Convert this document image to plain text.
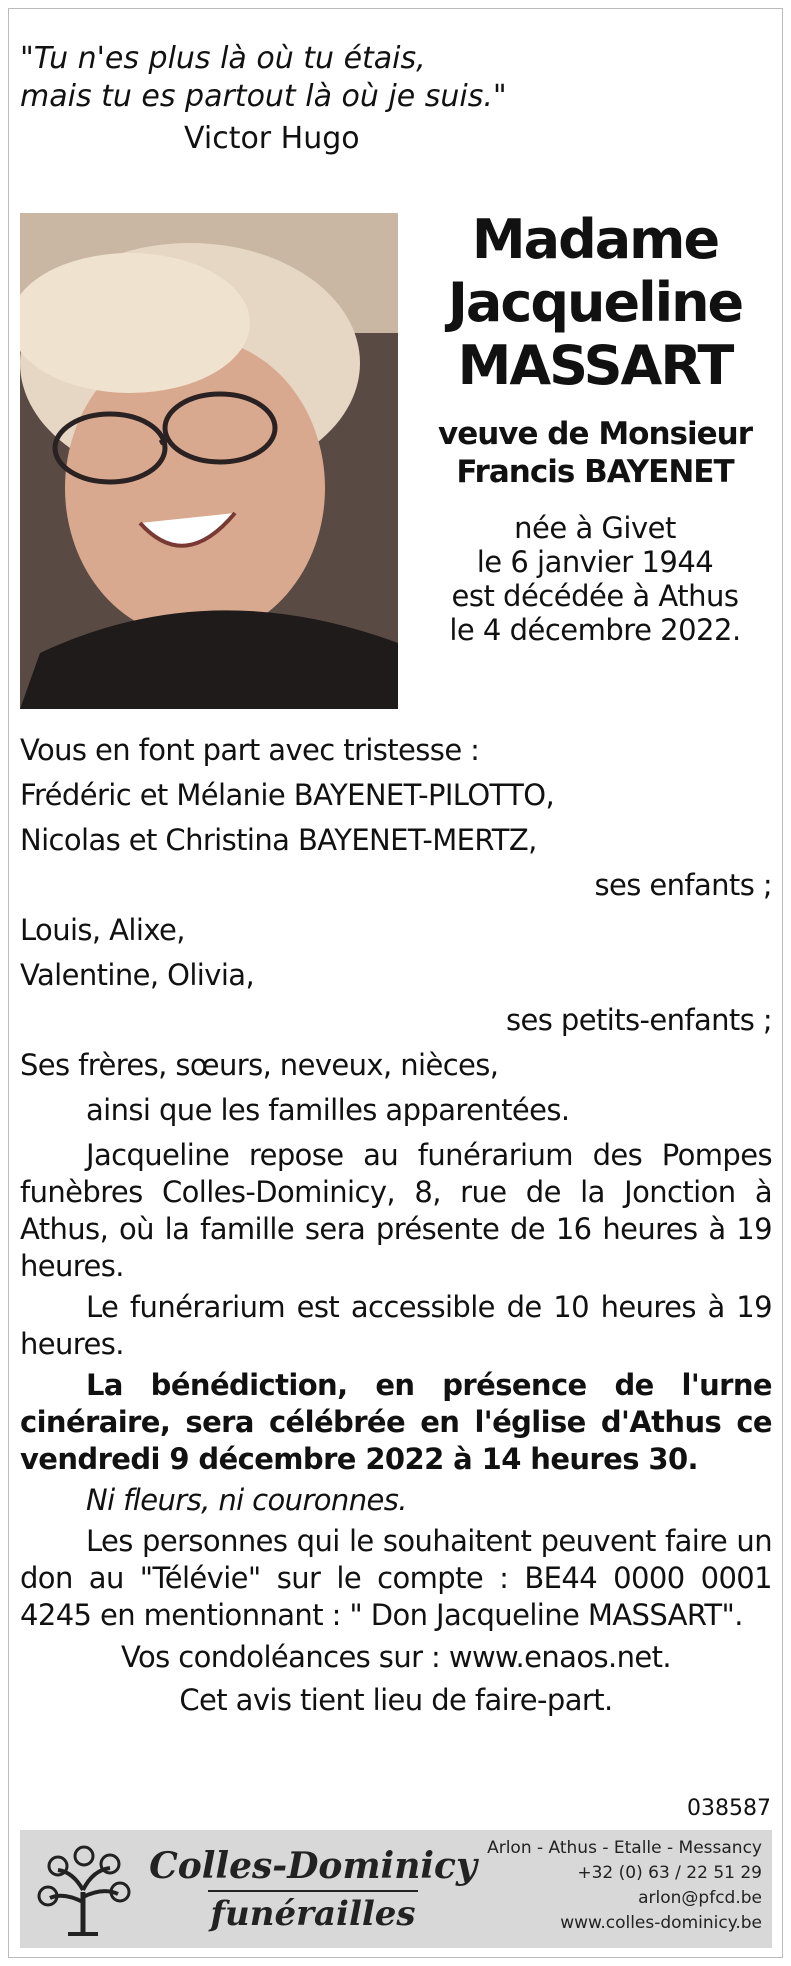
"Tu n'es plus là où tu étais,
mais tu es partout là où je suis."
Victor Hugo
Madame
Jacqueline
MASSART
veuve de Monsieur
Francis BAYENET
née à Givet
le 6 janvier 1944
est décédée à Athus
le 4 décembre 2022.
Vous en font part avec tristesse :
Frédéric et Mélanie BAYENET-PILOTTO,
Nicolas et Christina BAYENET-MERTZ,
ses enfants ;
Louis, Alixe,
Valentine, Olivia,
ses petits-enfants ;
Ses frères, sœurs, neveux, nièces,
ainsi que les familles apparentées.
Jacqueline repose au funérarium des Pompes funèbres Colles-Dominicy, 8, rue de la Jonction à Athus, où la famille sera présente de 16 heures à 19 heures.
Le funérarium est accessible de 10 heures à 19 heures.
La bénédiction, en présence de l'urne cinéraire, sera célébrée en l'église d'Athus ce vendredi 9 décembre 2022 à 14 heures 30.
Ni fleurs, ni couronnes.
Les personnes qui le souhaitent peuvent faire un don au "Télévie" sur le compte : BE44 0000 0001 4245 en mentionnant : " Don Jacqueline MASSART".
Vos condoléances sur : www.enaos.net.
Cet avis tient lieu de faire-part.
038587
Colles-Dominicy
funérailles
Arlon - Athus - Etalle - Messancy
+32 (0) 63 / 22 51 29
arlon@pfcd.be
www.colles-dominicy.be
